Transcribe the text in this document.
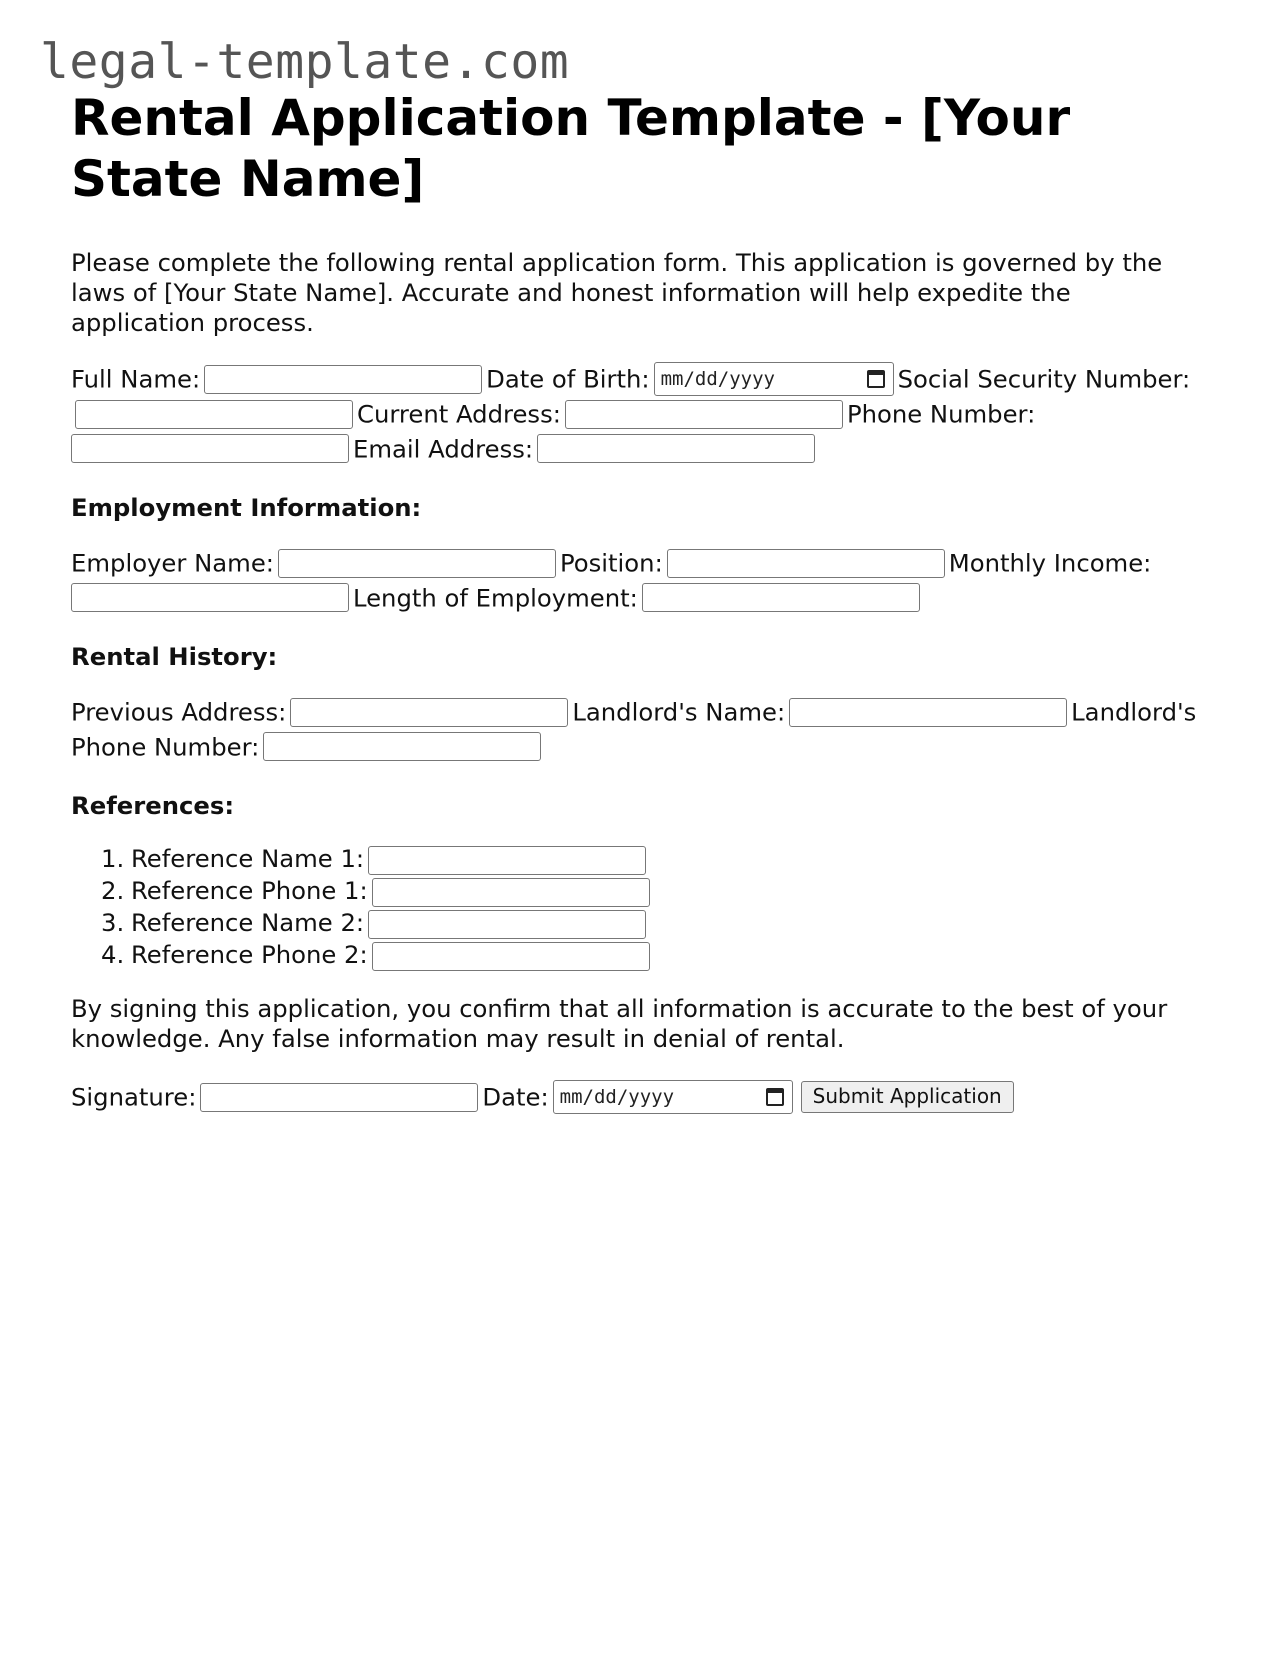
legal-template.com
Rental Application Template - [Your State Name]

Please complete the following rental application form. This application is governed by the laws of [Your State Name]. Accurate and honest information will help expedite the application process.

Full Name:	Date of Birth: mm/dd/yyyy	Social Security Number:Current Address:	Phone Number: Email Address:
Employment Information:
Employer Name:	Position:	Monthly Income: Length of Employment:
Rental History:
Previous Address:	Landlord's Name:	Landlord's Phone Number:
References:
1. Reference Name 1:
2. Reference Phone 1:
3. Reference Name 2:
4. Reference Phone 2:

By signing this application, you confirm that all information is accurate to the best of your knowledge. Any false information may result in denial of rental.

Signature:	Date: mm/dd/yyyy	Submit Application
